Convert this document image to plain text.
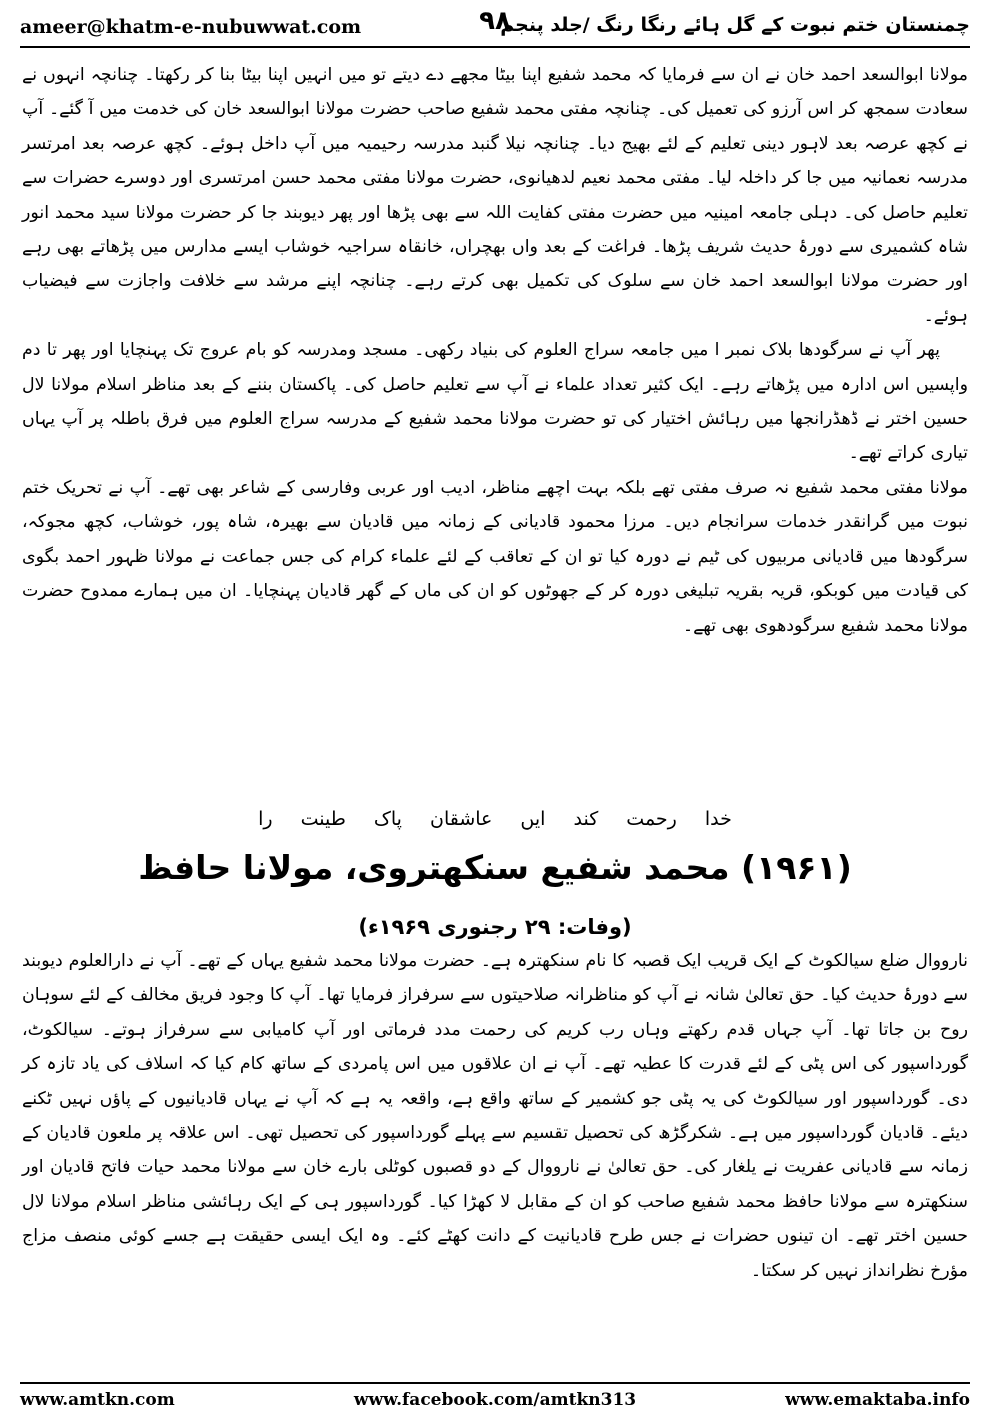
ameer@khatm-e-nubuwwat.com	۹۸
چمنستان ختم نبوت کے گل ہائے رنگا رنگ /جلد پنجم

مولانا ابوالسعد احمد خان نے ان سے فرمایا کہ محمد شفیع اپنا بیٹا مجھے دے دیتے تو میں انہیں اپنا بیٹا بنا کر رکھتا۔ چنانچہ انہوں نے سعادت سمجھ کر اس آرزو کی تعمیل کی۔ چنانچہ مفتی محمد شفیع صاحب حضرت مولانا ابوالسعد خان کی خدمت میں آ گئے۔ آپ نے کچھ عرصہ بعد لاہور دینی تعلیم کے لئے بھیج دیا۔ چنانچہ نیلا گنبد مدرسہ رحیمیہ میں آپ داخل ہوئے۔ کچھ عرصہ بعد امرتسر مدرسہ نعمانیہ میں جا کر داخلہ لیا۔ مفتی محمد نعیم لدھیانوی، حضرت مولانا مفتی محمد حسن امرتسری اور دوسرے حضرات سے تعلیم حاصل کی۔ دہلی جامعہ امینیہ میں حضرت مفتی کفایت اللہ سے بھی پڑھا اور پھر دیوبند جا کر حضرت مولانا سید محمد انور شاہ کشمیری سے دورۂ حدیث شریف پڑھا۔ فراغت کے بعد واں بھچراں، خانقاہ سراجیہ خوشاب ایسے مدارس میں پڑھاتے بھی رہے اور حضرت مولانا ابوالسعد احمد خان سے سلوک کی تکمیل بھی کرتے رہے۔ چنانچہ اپنے مرشد سے خلافت واجازت سے فیضیاب ہوئے۔

پھر آپ نے سرگودھا بلاک نمبر ا میں جامعہ سراج العلوم کی بنیاد رکھی۔ مسجد ومدرسہ کو بام عروج تک پہنچایا اور پھر تا دم واپسیں اس ادارہ میں پڑھاتے رہے۔ ایک کثیر تعداد علماء نے آپ سے تعلیم حاصل کی۔ پاکستان بننے کے بعد مناظر اسلام مولانا لال حسین اختر نے ڈھڈرانجھا میں رہائش اختیار کی تو حضرت مولانا محمد شفیع کے مدرسہ سراج العلوم میں فرق باطلہ پر آپ یہاں تیاری کراتے تھے۔

مولانا مفتی محمد شفیع نہ صرف مفتی تھے بلکہ بہت اچھے مناظر، ادیب اور عربی وفارسی کے شاعر بھی تھے۔ آپ نے تحریک ختم نبوت میں گرانقدر خدمات سرانجام دیں۔ مرزا محمود قادیانی کے زمانہ میں قادیان سے بھیرہ، شاہ پور، خوشاب، کچھ مجوکہ، سرگودھا میں قادیانی مربیوں کی ٹیم نے دورہ کیا تو ان کے تعاقب کے لئے علماء کرام کی جس جماعت نے مولانا ظہور احمد بگوی کی قیادت میں کوبکو، قریہ بقریہ تبلیغی دورہ کر کے جھوٹوں کو ان کی ماں کے گھر قادیان پہنچایا۔ ان میں ہمارے ممدوح حضرت مولانا محمد شفیع سرگودھوی بھی تھے۔

خدا رحمت کند ایں عاشقان پاک طینت را
(۱۹۶۱) محمد شفیع سنکھتروی، مولانا حافظ
(وفات: ۲۹ رجنوری ۱۹۶۹ء)

نارووال ضلع سیالکوٹ کے ایک قریب ایک قصبہ کا نام سنکھترہ ہے۔ حضرت مولانا محمد شفیع یہاں کے تھے۔ آپ نے دارالعلوم دیوبند سے دورۂ حدیث کیا۔ حق تعالیٰ شانہ نے آپ کو مناظرانہ صلاحیتوں سے سرفراز فرمایا تھا۔ آپ کا وجود فریق مخالف کے لئے سوہان روح بن جاتا تھا۔ آپ جہاں قدم رکھتے وہاں رب کریم کی رحمت مدد فرماتی اور آپ کامیابی سے سرفراز ہوتے۔ سیالکوٹ، گورداسپور کی اس پٹی کے لئے قدرت کا عطیہ تھے۔ آپ نے ان علاقوں میں اس پامردی کے ساتھ کام کیا کہ اسلاف کی یاد تازہ کر دی۔ گورداسپور اور سیالکوٹ کی یہ پٹی جو کشمیر کے ساتھ واقع ہے، واقعہ یہ ہے کہ آپ نے یہاں قادیانیوں کے پاؤں نہیں ٹکنے دیئے۔ قادیان گورداسپور میں ہے۔ شکرگڑھ کی تحصیل تقسیم سے پہلے گورداسپور کی تحصیل تھی۔ اس علاقہ پر ملعون قادیان کے زمانہ سے قادیانی عفریت نے یلغار کی۔ حق تعالیٰ نے نارووال کے دو قصبوں کوٹلی بارے خان سے مولانا محمد حیات فاتح قادیان اور سنکھترہ سے مولانا حافظ محمد شفیع صاحب کو ان کے مقابل لا کھڑا کیا۔ گورداسپور ہی کے ایک رہائشی مناظر اسلام مولانا لال حسین اختر تھے۔ ان تینوں حضرات نے جس طرح قادیانیت کے دانت کھٹے کئے۔ وہ ایک ایسی حقیقت ہے جسے کوئی منصف مزاج مؤرخ نظرانداز نہیں کر سکتا۔

www.amtkn.com	www.facebook.com/amtkn313	www.emaktaba.info
